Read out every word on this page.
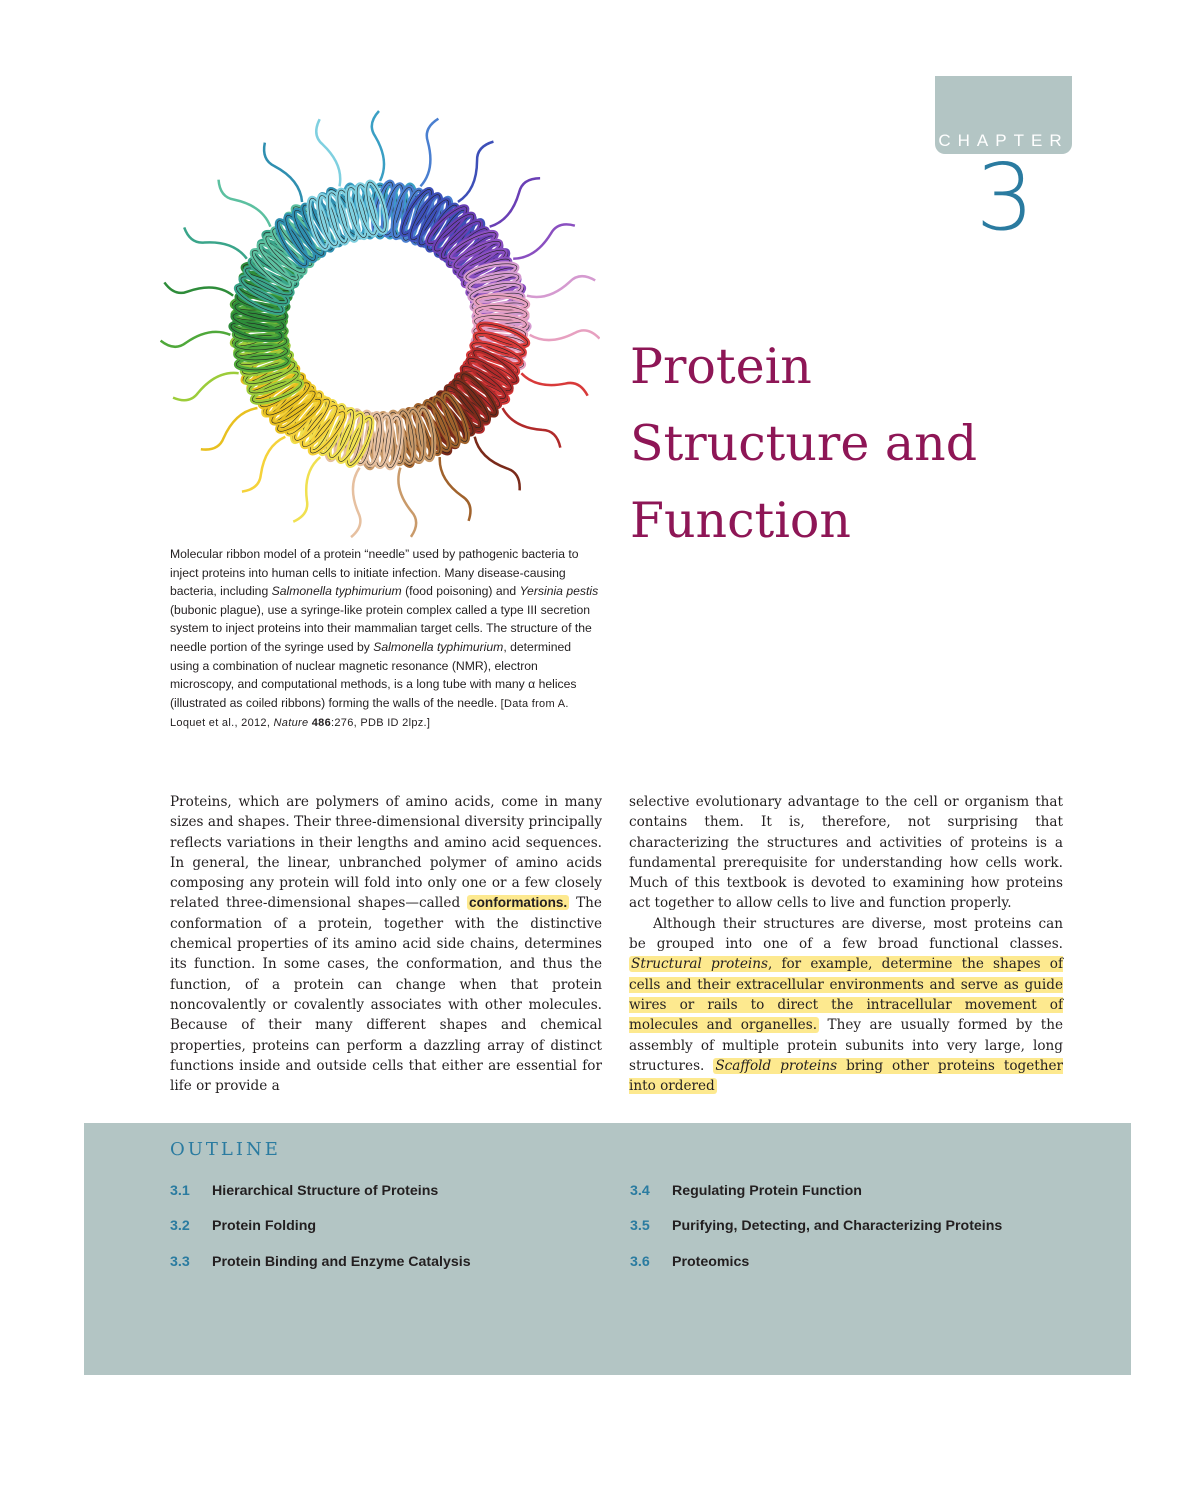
CHAPTER
3
Protein
Structure and
Function

Molecular ribbon model of a protein “needle” used by pathogenic bacteria to inject proteins into human cells to initiate infection. Many disease-causing bacteria, including Salmonella typhimurium (food poisoning) and Yersinia pestis (bubonic plague), use a syringe-like protein complex called a type III secretion system to inject proteins into their mammalian target cells. The structure of the needle portion of the syringe used by Salmonella typhimurium, determined using a combination of nuclear magnetic resonance (NMR), electron microscopy, and computational methods, is a long tube with many α helices (illustrated as coiled ribbons) forming the walls of the needle. [Data from A. Loquet et al., 2012, Nature 486:276, PDB ID 2lpz.]

Proteins, which are polymers of amino acids, come in many sizes and shapes. Their three-dimensional diversity principally reflects variations in their lengths and amino acid sequences. In general, the linear, unbranched polymer of amino acids composing any protein will fold into only one or a few closely related three-dimensional shapes—called conformations. The conformation of a protein, together with the distinctive chemical properties of its amino acid side chains, determines its function. In some cases, the conformation, and thus the function, of a protein can change when that protein noncovalently or covalently associates with other molecules. Because of their many different shapes and chemical properties, proteins can perform a dazzling array of distinct functions inside and outside cells that either are essential for life or provide a

selective evolutionary advantage to the cell or organism that contains them. It is, therefore, not surprising that characterizing the structures and activities of proteins is a fundamental prerequisite for understanding how cells work. Much of this textbook is devoted to examining how proteins act together to allow cells to live and function properly.

Although their structures are diverse, most proteins can be grouped into one of a few broad functional classes. Structural proteins, for example, determine the shapes of cells and their extracellular environments and serve as guide wires or rails to direct the intracellular movement of molecules and organelles. They are usually formed by the assembly of multiple protein subunits into very large, long structures. Scaffold proteins bring other proteins together into ordered

OUTLINE
3.1 Hierarchical Structure of Proteins
3.2 Protein Folding
3.3 Protein Binding and Enzyme Catalysis
3.4 Regulating Protein Function
3.5 Purifying, Detecting, and Characterizing Proteins
3.6 Proteomics
